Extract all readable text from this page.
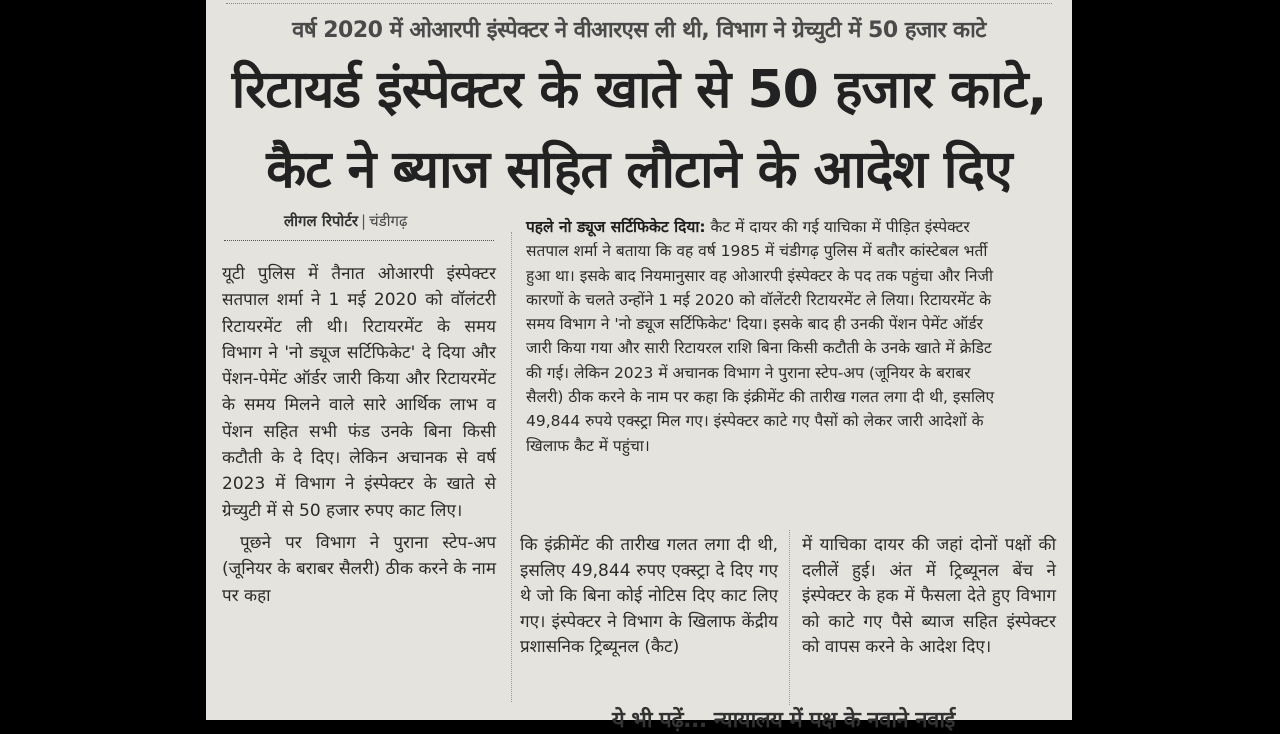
वर्ष 2020 में ओआरपी इंस्पेक्टर ने वीआरएस ली थी, विभाग ने ग्रेच्युटी में 50 हजार काटे
रिटायर्ड इंस्पेक्टर के खाते से 50 हजार काटे,
कैट ने ब्याज सहित लौटाने के आदेश दिए
लीगल रिपोर्टर | चंडीगढ़

यूटी पुलिस में तैनात ओआरपी इंस्पेक्टर सतपाल शर्मा ने 1 मई 2020 को वॉलंटरी रिटायरमेंट ली थी। रिटायरमेंट के समय विभाग ने 'नो ड्यूज सर्टिफिकेट' दे दिया और पेंशन-पेमेंट ऑर्डर जारी किया और रिटायरमेंट के समय मिलने वाले सारे आर्थिक लाभ व पेंशन सहित सभी फंड उनके बिना किसी कटौती के दे दिए। लेकिन अचानक से वर्ष 2023 में विभाग ने इंस्पेक्टर के खाते से ग्रेच्युटी में से 50 हजार रुपए काट लिए।

पूछने पर विभाग ने पुराना स्टेप-अप (जूनियर के बराबर सैलरी) ठीक करने के नाम पर कहा

पहले नो ड्यूज सर्टिफिकेट दिया: कैट में दायर की गई याचिका में पीड़ित इंस्पेक्टर सतपाल शर्मा ने बताया कि वह वर्ष 1985 में चंडीगढ़ पुलिस में बतौर कांस्टेबल भर्ती हुआ था। इसके बाद नियमानुसार वह ओआरपी इंस्पेक्टर के पद तक पहुंचा और निजी कारणों के चलते उन्होंने 1 मई 2020 को वॉलेंटरी रिटायरमेंट ले लिया। रिटायरमेंट के समय विभाग ने 'नो ड्यूज सर्टिफिकेट' दिया। इसके बाद ही उनकी पेंशन पेमेंट ऑर्डर जारी किया गया और सारी रिटायरल राशि बिना किसी कटौती के उनके खाते में क्रेडिट की गई। लेकिन 2023 में अचानक विभाग ने पुराना स्टेप-अप (जूनियर के बराबर सैलरी) ठीक करने के नाम पर कहा कि इंक्रीमेंट की तारीख गलत लगा दी थी, इसलिए 49,844 रुपये एक्स्ट्रा मिल गए। इंस्पेक्टर काटे गए पैसों को लेकर जारी आदेशों के खिलाफ कैट में पहुंचा।

कि इंक्रीमेंट की तारीख गलत लगा दी थी, इसलिए 49,844 रुपए एक्स्ट्रा दे दिए गए थे जो कि बिना कोई नोटिस दिए काट लिए गए। इंस्पेक्टर ने विभाग के खिलाफ केंद्रीय प्रशासनिक ट्रिब्यूनल (कैट)

में याचिका दायर की जहां दोनों पक्षों की दलीलें हुई। अंत में ट्रिब्यूनल बेंच ने इंस्पेक्टर के हक में फैसला देते हुए विभाग को काटे गए पैसे ब्याज सहित इंस्पेक्टर को वापस करने के आदेश दिए।

ये भी पढ़ें... न्यायालय में पक्ष के नवाने नवाई
